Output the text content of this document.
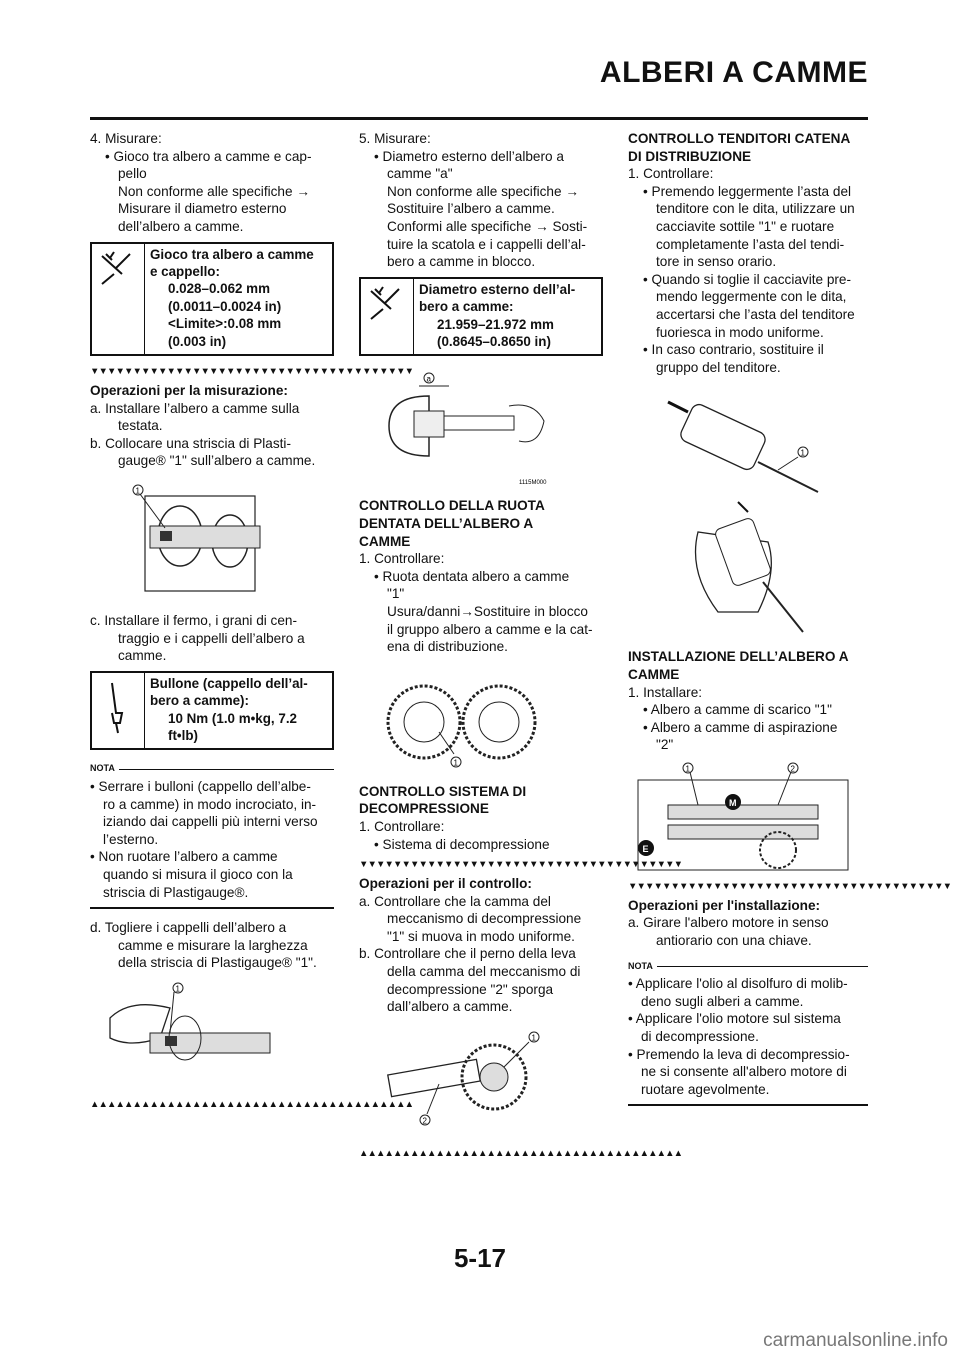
ALBERI A CAMME

4. Misurare:

• Gioco tra albero a camme e cap-

pello

Non conforme alle specifiche →

Misurare il diametro esterno

dell’albero a camme.

Gioco tra albero a camme
e cappello:
0.028–0.062 mm
(0.0011–0.0024 in)
<Limite>:0.08 mm
(0.003 in)
▼▼▼▼▼▼▼▼▼▼▼▼▼▼▼▼▼▼▼▼▼▼▼▼▼▼▼▼▼▼▼▼▼▼▼▼▼▼

Operazioni per la misurazione:

a. Installare l’albero a camme sulla

testata.

b. Collocare una striscia di Plasti-

gauge® "1" sull’albero a camme.

1

c. Installare il fermo, i grani di cen-

traggio e i cappelli dell’albero a

camme.

Bullone (cappello dell’al-
bero a camme):
10 Nm (1.0 m•kg, 7.2
ft•lb)
NOTA

• Serrare i bulloni (cappello dell’albe-

ro a camme) in modo incrociato, in-

iziando dai cappelli più interni verso

l’esterno.

• Non ruotare l’albero a camme

quando si misura il gioco con la

striscia di Plastigauge®.

d. Togliere i cappelli dell’albero a

camme e misurare la larghezza

della striscia di Plastigauge® "1".

1
▲▲▲▲▲▲▲▲▲▲▲▲▲▲▲▲▲▲▲▲▲▲▲▲▲▲▲▲▲▲▲▲▲▲▲▲▲▲

5. Misurare:

• Diametro esterno dell’albero a

camme "a"

Non conforme alle specifiche →

Sostituire l’albero a camme.

Conformi alle specifiche → Sosti-

tuire la scatola e i cappelli dell’al-

bero a camme in blocco.

Diametro esterno dell’al-
bero a camme:
21.959–21.972 mm
(0.8645–0.8650 in)
a
1115M000

CONTROLLO DELLA RUOTA

DENTATA DELL’ALBERO A

CAMME

1. Controllare:

• Ruota dentata albero a camme

"1"

Usura/danni→Sostituire in blocco

il gruppo albero a camme e la cat-

ena di distribuzione.

1

CONTROLLO SISTEMA DI

DECOMPRESSIONE

1. Controllare:

• Sistema di decompressione

▼▼▼▼▼▼▼▼▼▼▼▼▼▼▼▼▼▼▼▼▼▼▼▼▼▼▼▼▼▼▼▼▼▼▼▼▼▼

Operazioni per il controllo:

a. Controllare che la camma del

meccanismo di decompressione

"1" si muova in modo uniforme.

b. Controllare che il perno della leva

della camma del meccanismo di

decompressione "2" sporga

dall’albero a camme.

1
2
▲▲▲▲▲▲▲▲▲▲▲▲▲▲▲▲▲▲▲▲▲▲▲▲▲▲▲▲▲▲▲▲▲▲▲▲▲▲

CONTROLLO TENDITORI CATENA

DI DISTRIBUZIONE

1. Controllare:

• Premendo leggermente l’asta del

tenditore con le dita, utilizzare un

cacciavite sottile "1" e ruotare

completamente l’asta del tendi-

tore in senso orario.

• Quando si toglie il cacciavite pre-

mendo leggermente con le dita,

accertarsi che l’asta del tenditore

fuoriesca in modo uniforme.

• In caso contrario, sostituire il

gruppo del tenditore.

1

INSTALLAZIONE DELL’ALBERO A

CAMME

1. Installare:

• Albero a camme di scarico "1"

• Albero a camme di aspirazione

"2"

1	2
M
E
▼▼▼▼▼▼▼▼▼▼▼▼▼▼▼▼▼▼▼▼▼▼▼▼▼▼▼▼▼▼▼▼▼▼▼▼▼▼

Operazioni per l'installazione:

a. Girare l'albero motore in senso

antiorario con una chiave.

NOTA

• Applicare l'olio al disolfuro di molib-

deno sugli alberi a camme.

• Applicare l'olio motore sul sistema

di decompressione.

• Premendo la leva di decompressio-

ne si consente all'albero motore di

ruotare agevolmente.

5-17
carmanualsonline.info
